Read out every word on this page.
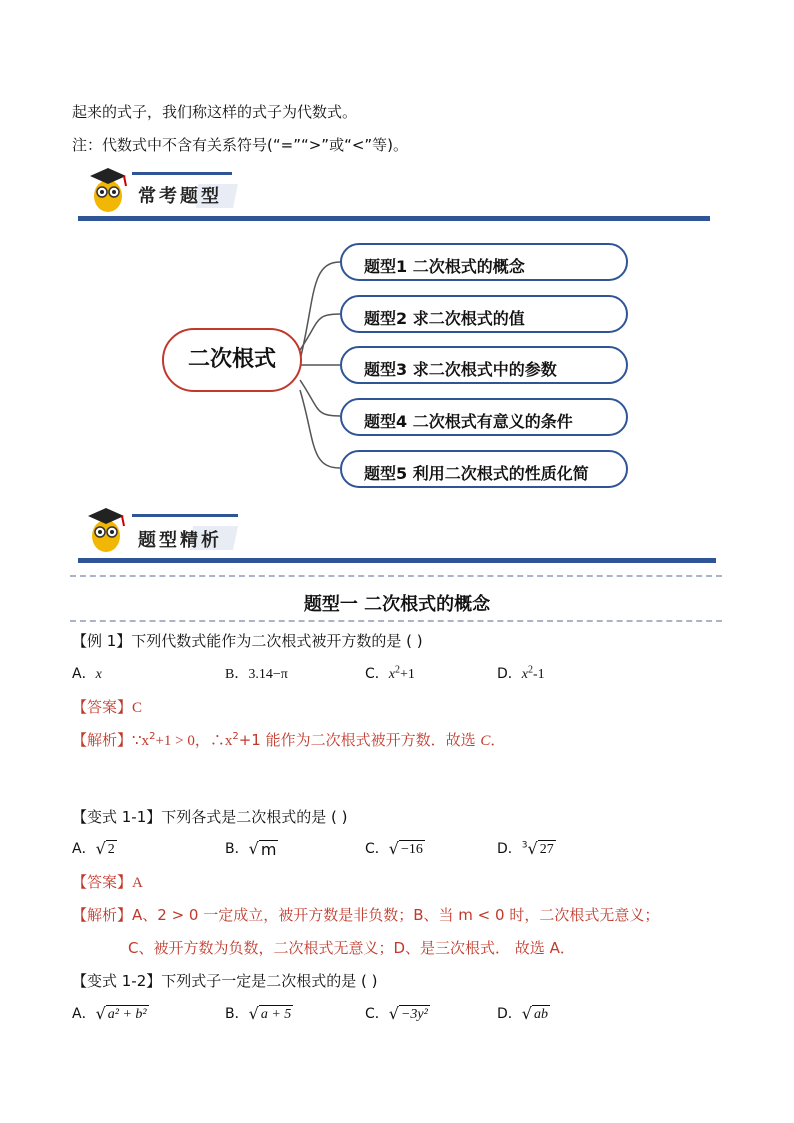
起来的式子，我们称这样的式子为代数式。
注：代数式中不含有关系符号(“=”“>”或“<”等)。
常考题型
二次根式
题型1 二次根式的概念
题型2 求二次根式的值
题型3 求二次根式中的参数
题型4 二次根式有意义的条件
题型5 利用二次根式的性质化简
题型精析
题型一 二次根式的概念
【例 1】下列代数式能作为二次根式被开方数的是 ( )
A．x	B．3.14−π	C．$x^2+1$	D．$x^2-1$
【答案】C
【解析】$\because x^2+1 > 0$，$\therefore x^2+1$ 能作为二次根式被开方数．故选 C．
【变式 1-1】下列各式是二次根式的是 ( )
A． √ 2	B． √ m	C． √ −16	D．$^3$ √ 27
【答案】A
【解析】A、2 > 0 一定成立，被开方数是非负数；B、当 m < 0 时，二次根式无意义；
C、被开方数为负数，二次根式无意义；D、是三次根式． 故选 A．
【变式 1-2】下列式子一定是二次根式的是 ( )
A． √ a² + b²	B． √ a + 5	C． √ −3y²	D． √ ab
